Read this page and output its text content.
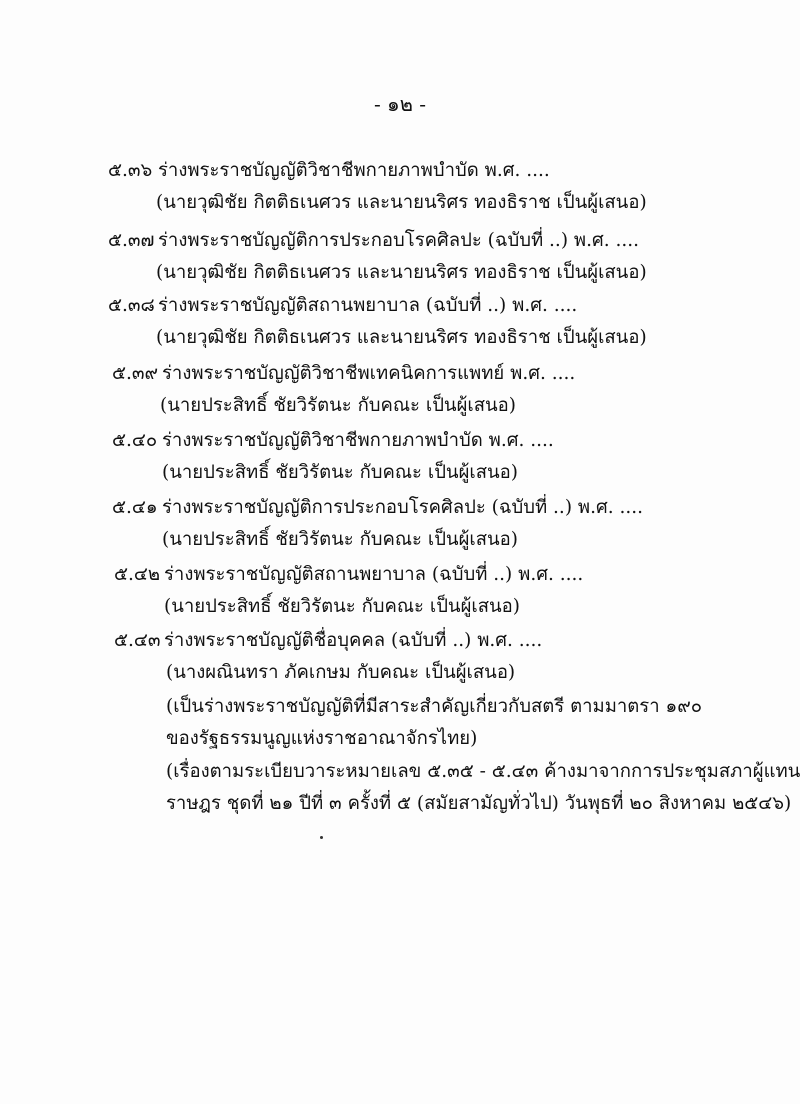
- ๑๒ -
๕.๓๖ ร่างพระราชบัญญัติวิชาชีพกายภาพบำบัด พ.ศ. ....
(นายวุฒิชัย กิตติธเนศวร และนายนริศร ทองธิราช เป็นผู้เสนอ)
๕.๓๗ ร่างพระราชบัญญัติการประกอบโรคศิลปะ (ฉบับที่ ..) พ.ศ. ....
(นายวุฒิชัย กิตติธเนศวร และนายนริศร ทองธิราช เป็นผู้เสนอ)
๕.๓๘ ร่างพระราชบัญญัติสถานพยาบาล (ฉบับที่ ..) พ.ศ. ....
(นายวุฒิชัย กิตติธเนศวร และนายนริศร ทองธิราช เป็นผู้เสนอ)
๕.๓๙ ร่างพระราชบัญญัติวิชาชีพเทคนิคการแพทย์ พ.ศ. ....
(นายประสิทธิ์ ชัยวิรัตนะ กับคณะ เป็นผู้เสนอ)
๕.๔๐ ร่างพระราชบัญญัติวิชาชีพกายภาพบำบัด พ.ศ. ....
(นายประสิทธิ์ ชัยวิรัตนะ กับคณะ เป็นผู้เสนอ)
๕.๔๑ ร่างพระราชบัญญัติการประกอบโรคศิลปะ (ฉบับที่ ..) พ.ศ. ....
(นายประสิทธิ์ ชัยวิรัตนะ กับคณะ เป็นผู้เสนอ)
๕.๔๒ ร่างพระราชบัญญัติสถานพยาบาล (ฉบับที่ ..) พ.ศ. ....
(นายประสิทธิ์ ชัยวิรัตนะ กับคณะ เป็นผู้เสนอ)
๕.๔๓ ร่างพระราชบัญญัติชื่อบุคคล (ฉบับที่ ..) พ.ศ. ....
(นางผณินทรา ภัคเกษม กับคณะ เป็นผู้เสนอ)
(เป็นร่างพระราชบัญญัติที่มีสาระสำคัญเกี่ยวกับสตรี ตามมาตรา ๑๙๐
ของรัฐธรรมนูญแห่งราชอาณาจักรไทย)
(เรื่องตามระเบียบวาระหมายเลข ๕.๓๕ - ๕.๔๓ ค้างมาจากการประชุมสภาผู้แทน
ราษฎร ชุดที่ ๒๑ ปีที่ ๓ ครั้งที่ ๕ (สมัยสามัญทั่วไป) วันพุธที่ ๒๐ สิงหาคม ๒๕๔๖)
